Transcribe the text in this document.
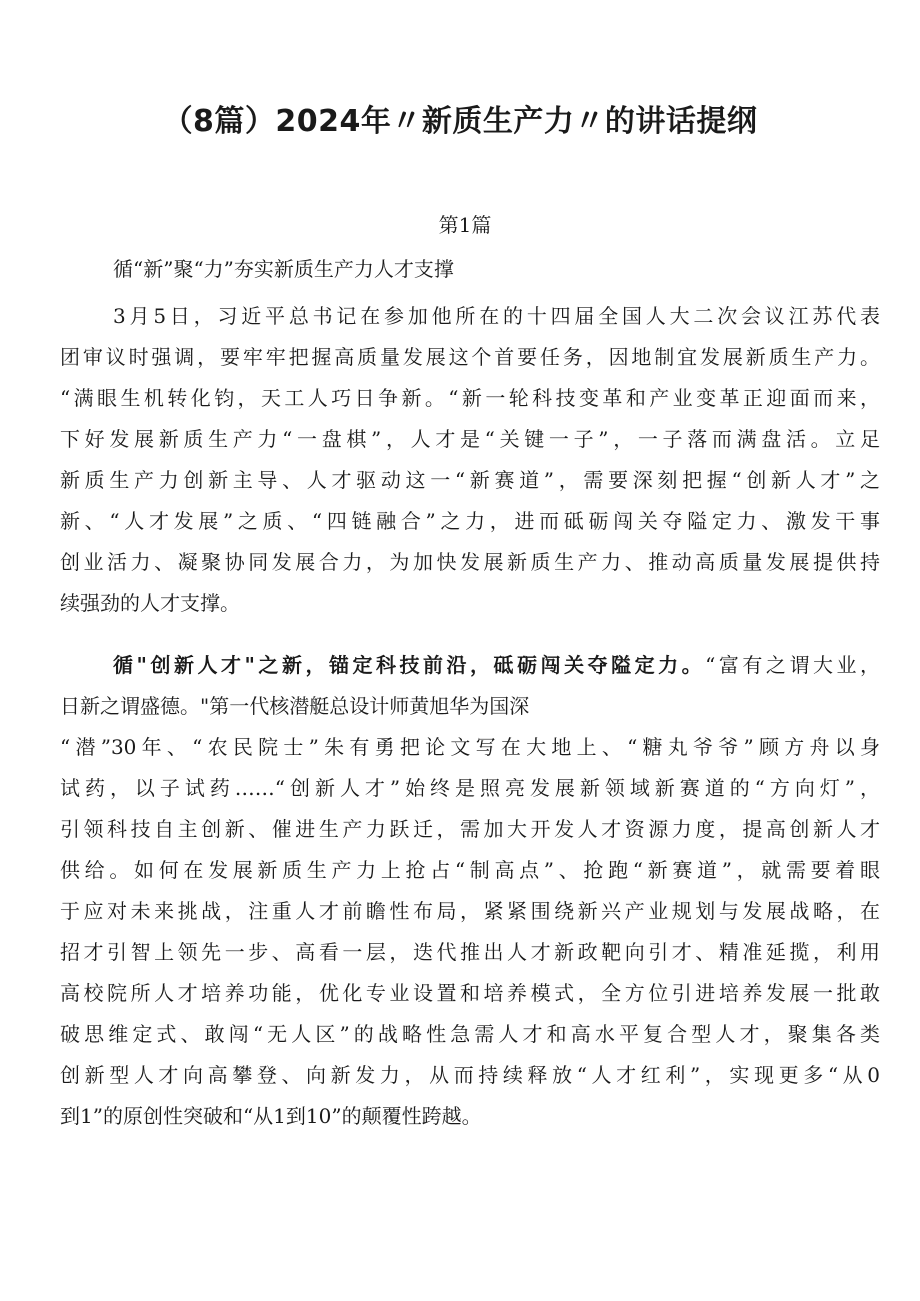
（8篇）2024年〃新质生产力〃的讲话提纲
第1篇
循“新”聚“力”夯实新质生产力人才支撑
3月5日，习近平总书记在参加他所在的十四届全国人大二次会议江苏代表
团审议时强调，要牢牢把握高质量发展这个首要任务，因地制宜发展新质生产力。
“满眼生机转化钧，天工人巧日争新。“新一轮科技变革和产业变革正迎面而来，
下好发展新质生产力“一盘棋”，人才是“关键一子”，一子落而满盘活。立足
新质生产力创新主导、人才驱动这一“新赛道”，需要深刻把握“创新人才”之
新、“人才发展”之质、“四链融合”之力，进而砥砺闯关夺隘定力、激发干事
创业活力、凝聚协同发展合力，为加快发展新质生产力、推动高质量发展提供持
续强劲的人才支撑。
循"创新人才"之新，锚定科技前沿，砥砺闯关夺隘定力。“富有之谓大业，
日新之谓盛德。"第一代核潜艇总设计师黄旭华为国深
“潜”30年、“农民院士”朱有勇把论文写在大地上、“糖丸爷爷”顾方舟以身
试药，以子试药……“创新人才”始终是照亮发展新领域新赛道的“方向灯”，
引领科技自主创新、催进生产力跃迁，需加大开发人才资源力度，提高创新人才
供给。如何在发展新质生产力上抢占“制高点”、抢跑“新赛道”，就需要着眼
于应对未来挑战，注重人才前瞻性布局，紧紧围绕新兴产业规划与发展战略，在
招才引智上领先一步、高看一层，迭代推出人才新政靶向引才、精准延揽，利用
高校院所人才培养功能，优化专业设置和培养模式，全方位引进培养发展一批敢
破思维定式、敢闯“无人区”的战略性急需人才和高水平复合型人才，聚集各类
创新型人才向高攀登、向新发力，从而持续释放“人才红利”，实现更多“从0
到1”的原创性突破和“从1到10”的颠覆性跨越。
